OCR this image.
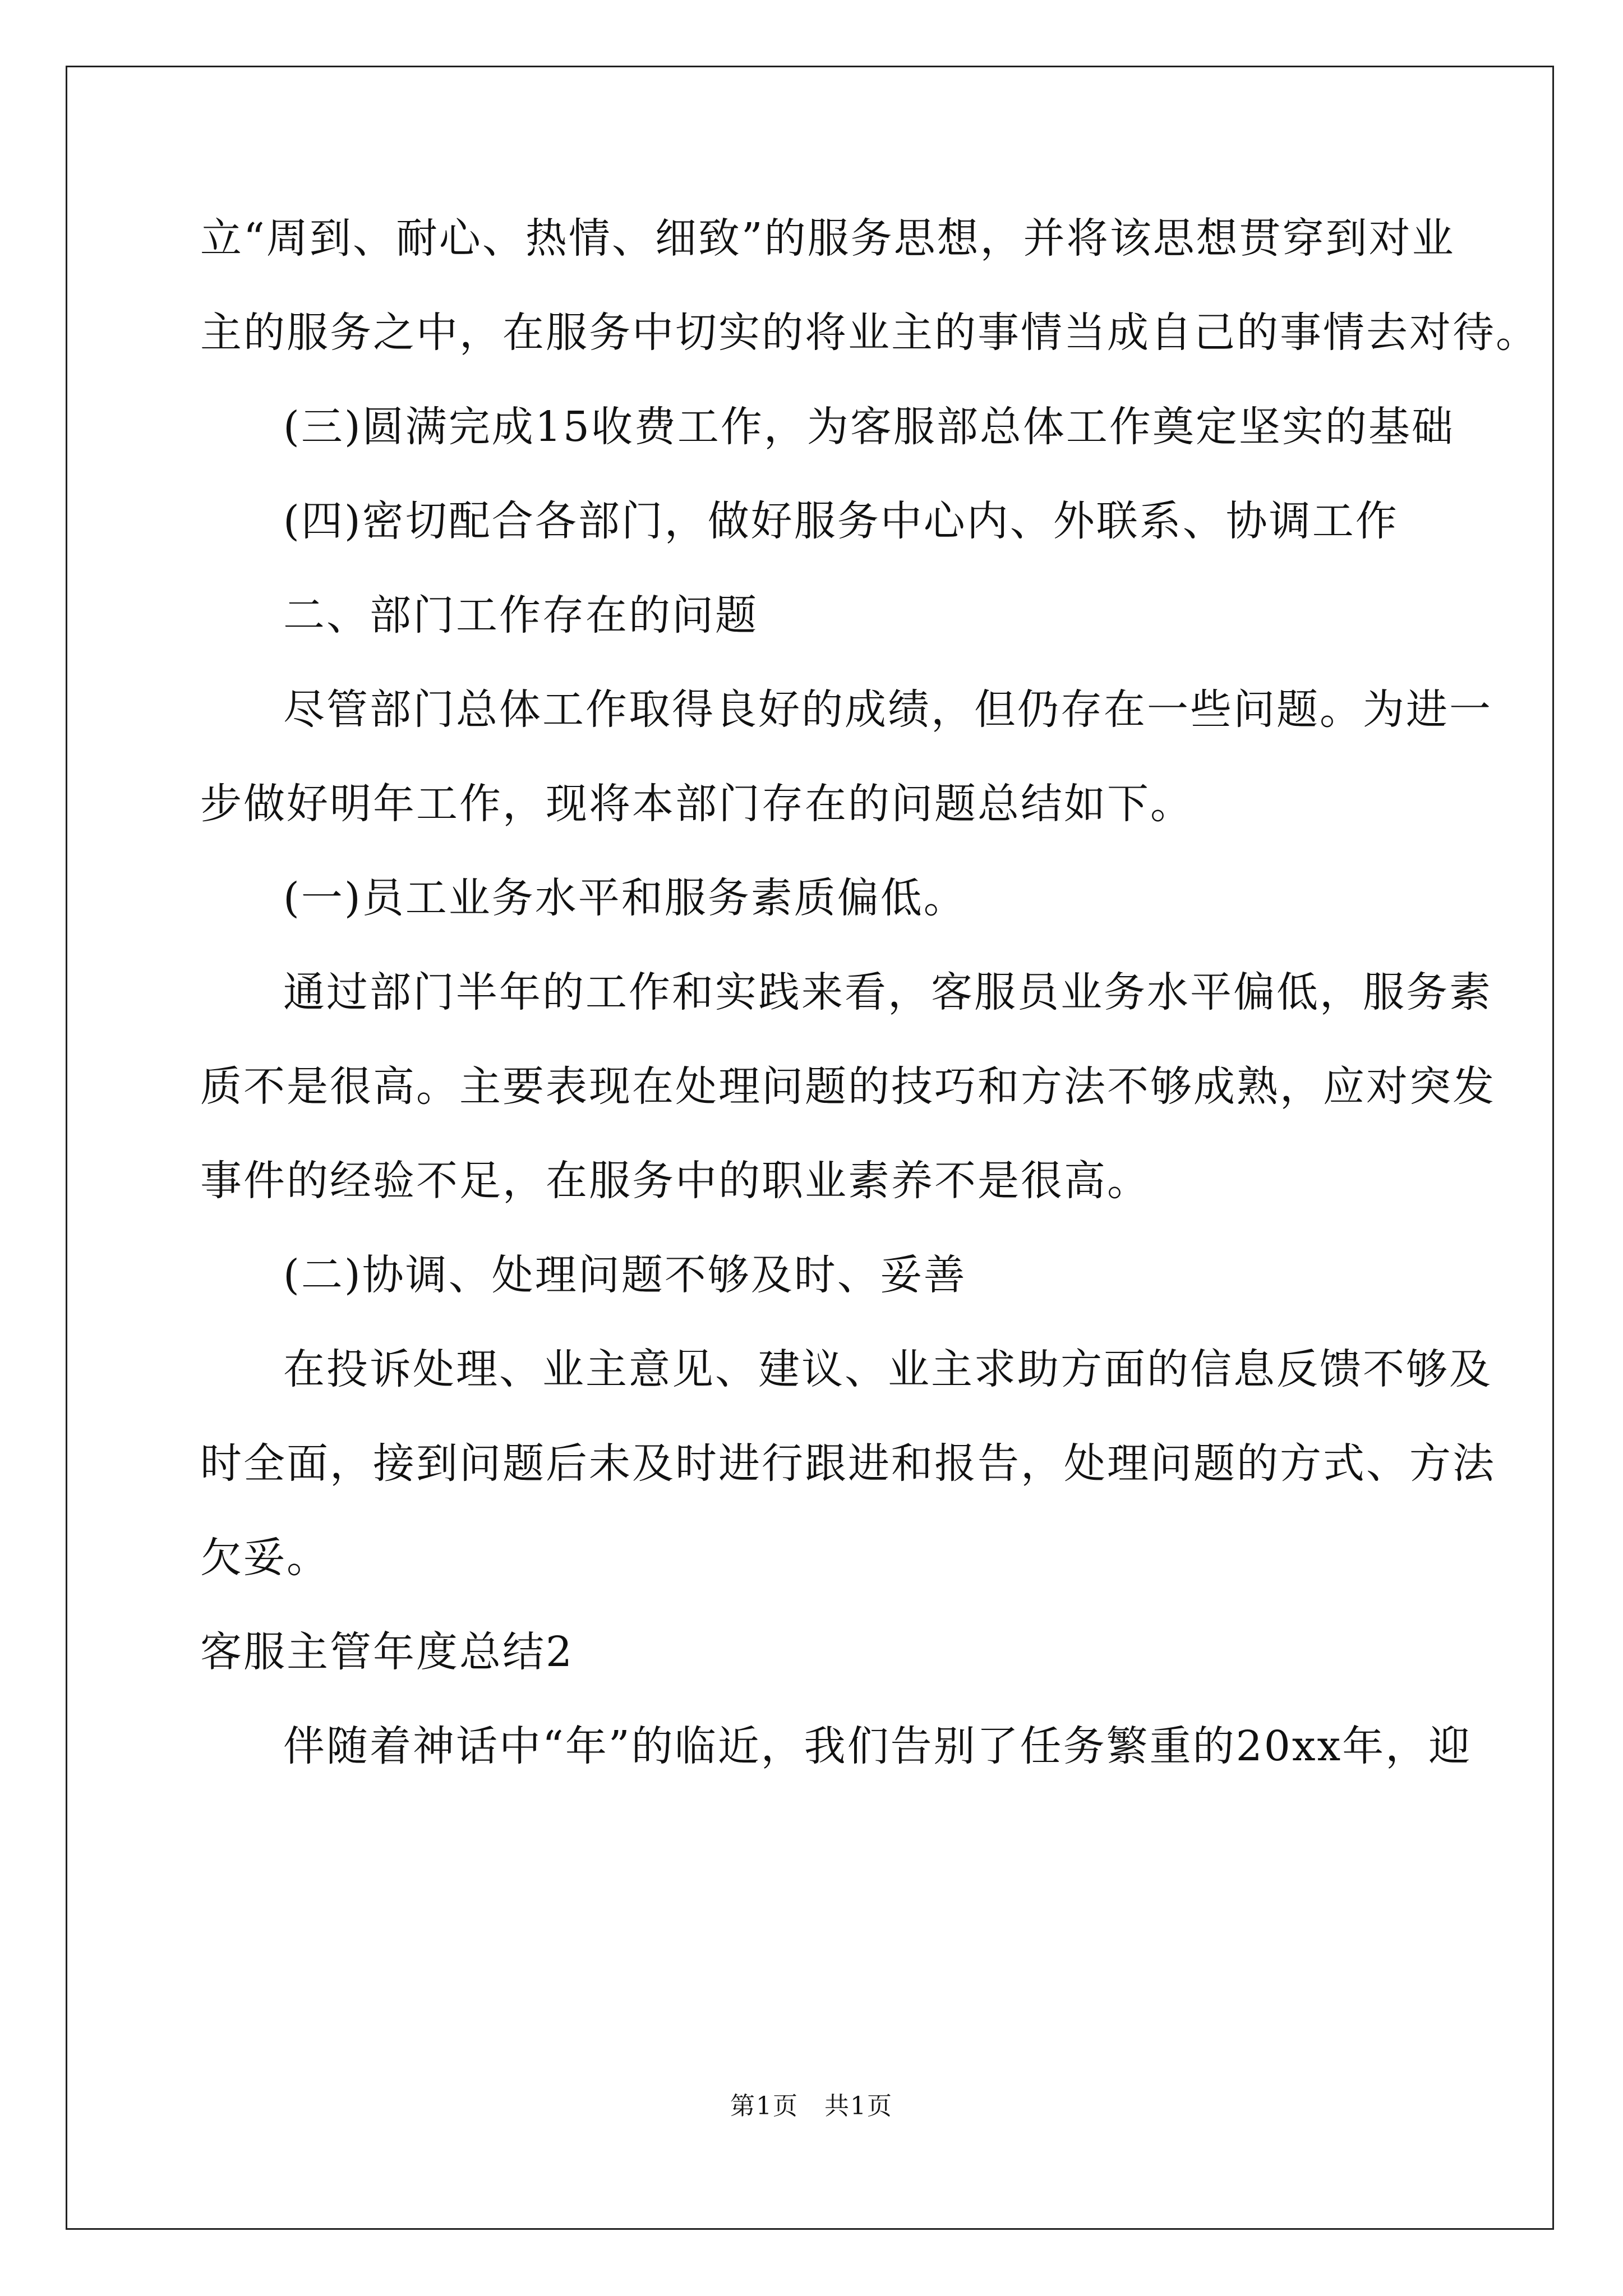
立“周到、耐心、热情、细致”的服务思想，并将该思想贯穿到对业
主的服务之中，在服务中切实的将业主的事情当成自己的事情去对待。
(三)圆满完成15收费工作，为客服部总体工作奠定坚实的基础
(四)密切配合各部门，做好服务中心内、外联系、协调工作
二、部门工作存在的问题
尽管部门总体工作取得良好的成绩，但仍存在一些问题。为进一
步做好明年工作，现将本部门存在的问题总结如下。
(一)员工业务水平和服务素质偏低。
通过部门半年的工作和实践来看，客服员业务水平偏低，服务素
质不是很高。主要表现在处理问题的技巧和方法不够成熟，应对突发
事件的经验不足，在服务中的职业素养不是很高。
(二)协调、处理问题不够及时、妥善
在投诉处理、业主意见、建议、业主求助方面的信息反馈不够及
时全面，接到问题后未及时进行跟进和报告，处理问题的方式、方法
欠妥。
客服主管年度总结2
伴随着神话中“年”的临近，我们告别了任务繁重的20xx年，迎
第1页　共1页
